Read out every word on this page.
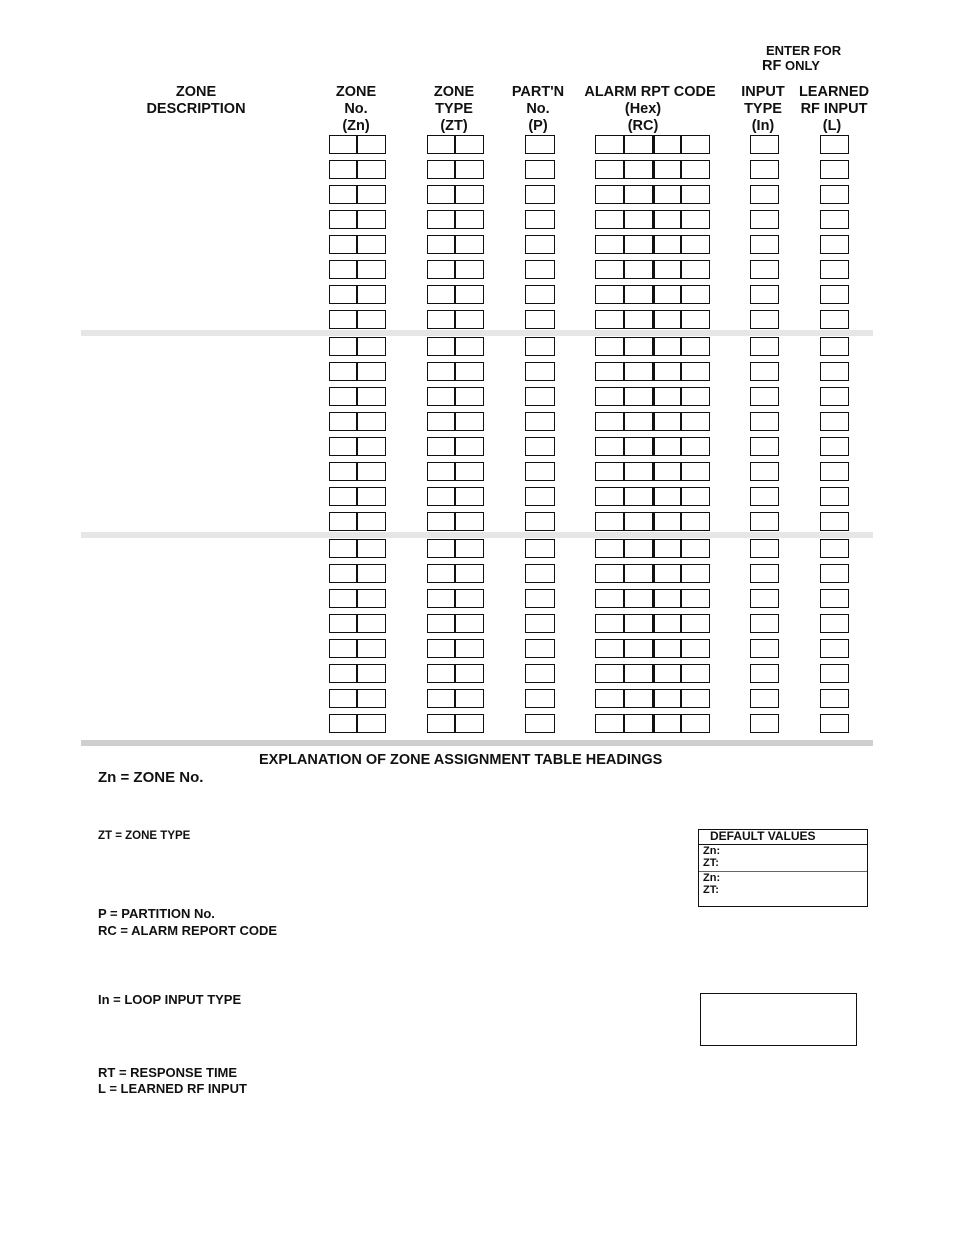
ENTER FOR
RF ONLY
ZONE
DESCRIPTION
ZONE
No.
(Zn)
ZONE
TYPE
(ZT)
PART'N
No.
(P)
ALARM RPT CODE
(Hex)
(RC)
INPUT
TYPE
(In)
LEARNED
RF INPUT
(L)
EXPLANATION OF ZONE ASSIGNMENT TABLE HEADINGS
Zn = ZONE No.
ZT = ZONE TYPE
P = PARTITION No.
RC = ALARM REPORT CODE
In = LOOP INPUT TYPE
RT = RESPONSE TIME
L = LEARNED RF INPUT
DEFAULT VALUES
Zn:
ZT:
Zn:
ZT:
